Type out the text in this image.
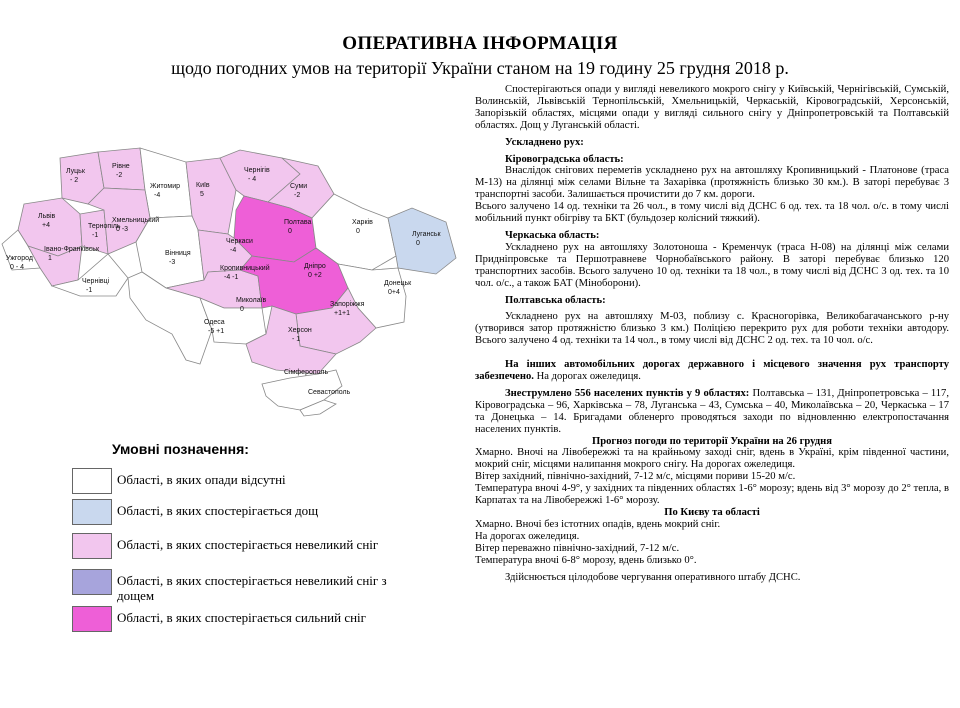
ОПЕРАТИВНА ІНФОРМАЦІЯ
щодо погодних умов на території України станом на 19 годину 25 грудня 2018 р.
Луцьк
- 2
Рівне
-2
Житомир
-4
Київ
5
Чернігів
- 4
Суми
-2
Львів
+4	Тернопіль
-1
Хмельницький
0 -3
Вінниця
-3
Полтава
0
Харків
0	Луганськ
0
Ужгород
0 - 4
Івано-Франківськ
1
Чернівці
-1
Черкаси
-4
Кропивницький
-4 -1
Дніпро
0 +2
Донецьк
0+4
Одеса
-5 +1
Миколаїв
0
Запоріжжя
+1+1
Херсон
- 1
Сімферополь
Севастополь
Умовні позначення:
Області, в яких опади відсутні
Області, в яких спостерігається дощ
Області, в яких спостерігається невеликий сніг
Області, в яких спостерігається невеликий сніг з дощем
Області, в яких спостерігається сильний сніг

Спостерігаються опади у вигляді невеликого мокрого снігу у Київській, Чернігівській, Сумській, Волинській, Львівській Тернопільській, Хмельницькій, Черкаській, Кіровоградській, Херсонській, Запорізькій областях, місцями опади у вигляді сильного снігу у Дніпропетровській та Полтавській областях. Дощ у Луганській області.

Ускладнено рух:

Кіровоградська область:

Внаслідок снігових переметів ускладнено рух на автошляху Кропивницький - Платонове (траса М-13) на ділянці між селами Вільне та Захарівка (протяжність близько 30 км.). В заторі перебуває 3 транспортні засоби. Залишається прочистити до 7 км. дороги.

Всього залучено 14 од. техніки та 26 чол., в тому числі від ДСНС 6 од. тех. та 18 чол. о/с. в тому числі мобільний пункт обігріву та БКТ (бульдозер колісний тяжкий).

Черкаська область:

Ускладнено рух на автошляху Золотоноша - Кременчук (траса Н-08) на ділянці між селами Придніпровське та Першотравневе Чорнобаївського району. В заторі перебуває близько 120 транспортних засобів. Всього залучено 10 од. техніки та 18 чол., в тому числі від ДСНС 3 од. тех. та 10 чол. о/с., а також БАТ (Міноборони).

Полтавська область:

Ускладнено рух на автошляху М-03, поблизу с. Красногорівка, Великобагачанського р-ну (утворився затор протяжністю близько 3 км.) Поліцією перекрито рух для роботи техніки автодору. Всього залучено 4 од. техніки та 14 чол., в тому числі від ДСНС 2 од. тех. та 10 чол. о/с.

На інших автомобільних дорогах державного і місцевого значення рух транспорту забезпечено. На дорогах ожеледиця.

Знеструмлено 556 населених пунктів у 9 областях: Полтавська – 131, Дніпропетровська – 117, Кіровоградська – 96, Харківська – 78, Луганська – 43, Сумська – 40, Миколаївська – 20, Черкаська – 17 та Донецька – 14. Бригадами обленерго проводяться заходи по відновленню електропостачання населених пунктів.

Прогноз погоди по території України на 26 грудня

Хмарно. Вночі на Лівобережжі та на крайньому заході сніг, вдень в Україні, крім південної частини, мокрий сніг, місцями налипання мокрого снігу. На дорогах ожеледиця.

Вітер західний, північно-західний, 7-12 м/с, місцями пориви 15-20 м/с.

Температура вночі 4-9°, у західних та південних областях 1-6° морозу; вдень від 3° морозу до 2° тепла, в Карпатах та на Лівобережжі 1-6° морозу.

По Києву та області

Хмарно. Вночі без істотних опадів, вдень мокрий сніг.

На дорогах ожеледиця.

Вітер переважно північно-західний, 7-12 м/с.

Температура вночі 6-8° морозу, вдень близько 0°.

Здійснюється цілодобове чергування оперативного штабу ДСНС.
